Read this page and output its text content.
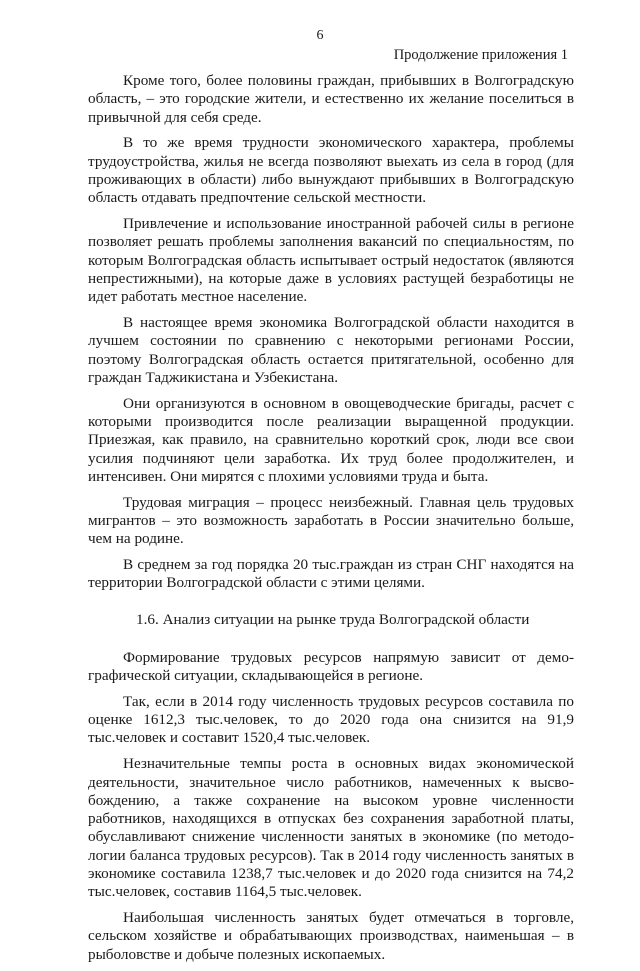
6
Продолжение приложения 1

Кроме того, более половины граждан, прибывших в Волгоградскую область, – это городские жители, и естественно их желание поселиться в привычной для себя среде.

В то же время трудности экономического характера, проблемы трудоустройства, жилья не всегда позволяют выехать из села в город (для проживающих в области) либо вынуждают прибывших в Волгоградскую область отдавать предпочтение сельской местности.

Привлечение и использование иностранной рабочей силы в регионе позволяет решать проблемы заполнения вакансий по специальностям, по которым Волгоградская область испытывает острый недостаток (являются непрестижными), на которые даже в условиях растущей безработицы не идет работать местное население.

В настоящее время экономика Волгоградской области находится в лучшем состоянии по сравнению с некоторыми регионами России, поэтому Волгоградская область остается притягательной, особенно для граждан Таджикистана и Узбекистана.

Они организуются в основном в овощеводческие бригады, расчет с которыми производится после реализации выращенной продукции. Приезжая, как правило, на сравнительно короткий срок, люди все свои усилия подчиняют цели заработка. Их труд более продолжителен, и интенсивен. Они мирятся с плохими условиями труда и быта.

Трудовая миграция – процесс неизбежный. Главная цель трудовых мигрантов – это возможность заработать в России значительно больше, чем на родине.

В среднем за год порядка 20 тыс.граждан из стран СНГ находятся на территории Волгоградской области с этими целями.

1.6. Анализ ситуации на рынке труда Волгоградской области

Формирование трудовых ресурсов напрямую зависит от демографической ситуации, складывающейся в регионе.

Так, если в 2014 году численность трудовых ресурсов составила по оценке 1612,3 тыс.человек, то до 2020 года она снизится на 91,9 тыс.человек и составит 1520,4 тыс.человек.

Незначительные темпы роста в основных видах экономической деятельности, значительное число работников, намеченных к высвобождению, а также сохранение на высоком уровне численности работников, находящихся в отпусках без сохранения заработной платы, обуславливают снижение численности занятых в экономике (по методологии баланса трудовых ресурсов). Так в 2014 году численность занятых в экономике составила 1238,7 тыс.человек и до 2020 года снизится на 74,2 тыс.человек, составив 1164,5 тыс.человек.

Наибольшая численность занятых будет отмечаться в торговле, сельском хозяйстве и обрабатывающих производствах, наименьшая – в рыболовстве и добыче полезных ископаемых.
